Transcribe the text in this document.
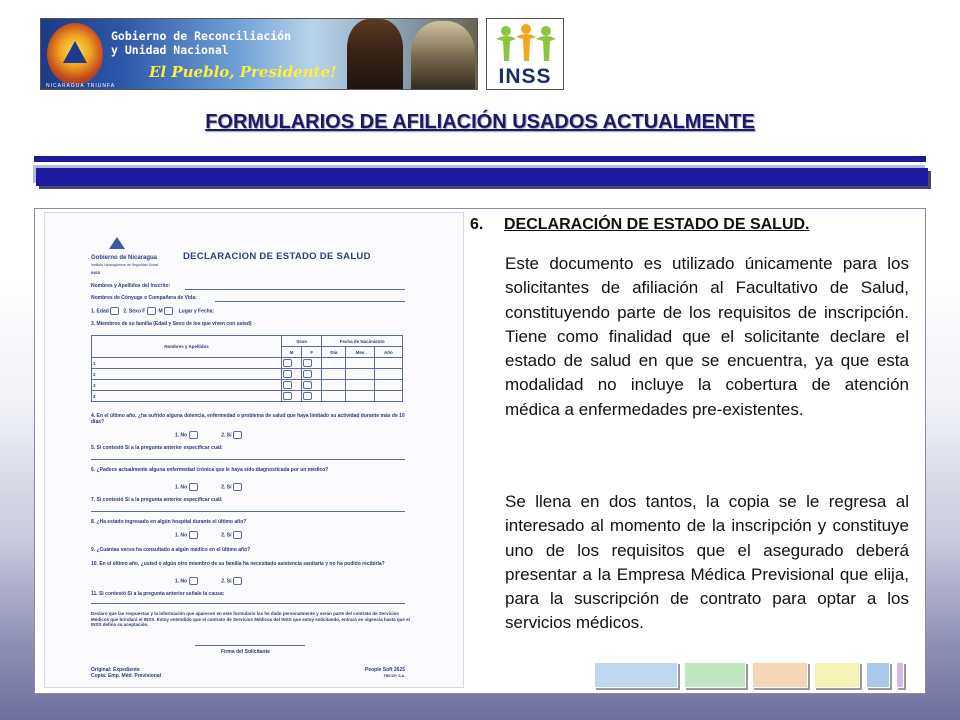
Gobierno de Reconciliación
y Unidad Nacional
El Pueblo, Presidente!
NICARAGUA TRIUNFA	INSS
FORMULARIOS DE AFILIACIÓN USADOS ACTUALMENTE
Gobierno de Nicaragua
Instituto Nicaragüense de Seguridad Social
INSS
DECLARACION DE ESTADO DE SALUD
Nombres y Apellidos del Inscrito:
Nombres de Cónyuge o Compañera de Vida:
1. Edad	2. Sexo F	M	Lugar y Fecha:
3. Miembros de su familia (Edad y Sexo de los que viven con usted)
Nombres y Apellidos	Sexo		Fecha de Nacimiento		
	M	F	Día	Mes	Año
1					
2					
3					
4					
4. En el último año, ¿ha sufrido alguna dolencia, enfermedad o problema de salud que haya limitado su actividad durante más de 10 días?
1. No	2. Sí
5. Si contestó Sí a la pregunta anterior especificar cuál:
6. ¿Padece actualmente alguna enfermedad crónica que le haya sido diagnosticada por un médico?
1. No	2. Sí
7. Si contestó Sí a la pregunta anterior especificar cuál:
8. ¿Ha estado ingresado en algún hospital durante el último año?
1. No	2. Sí
9. ¿Cuántas veces ha consultado a algún médico en el último año?
10. En el último año, ¿usted o algún otro miembro de su familia ha necesitado asistencia sanitaria y no ha podido recibirla?
1. No	2. Sí
11. Si contestó Sí a la pregunta anterior señale la causa:
Declaro que las respuestas y la información que aparecen en este formulario las he dado personalmente y serán parte del contrato de Servicios Médicos que brindará el INSS. Estoy entendido que el contrato de Servicios Médicos del INSS que estoy solicitando, entrará en vigencia hasta que el INSS defina su aceptación.
Firma del Solicitante
Original: Expediente
Copia: Emp. Méd. Previsional
People Soft 2625
TRICOP, S.A.
6. DECLARACIÓN DE ESTADO DE SALUD.
Este documento es utilizado únicamente para los solicitantes de afiliación al Facultativo de Salud, constituyendo parte de los requisitos de inscripción. Tiene como finalidad que el solicitante declare el estado de salud en que se encuentra, ya que esta modalidad no incluye la cobertura de atención médica a enfermedades pre-existentes.
Se llena en dos tantos, la copia se le regresa al interesado al momento de la inscripción y constituye uno de los requisitos que el asegurado deberá presentar a la Empresa Médica Previsional que elija, para la suscripción de contrato para optar a los servicios médicos.
